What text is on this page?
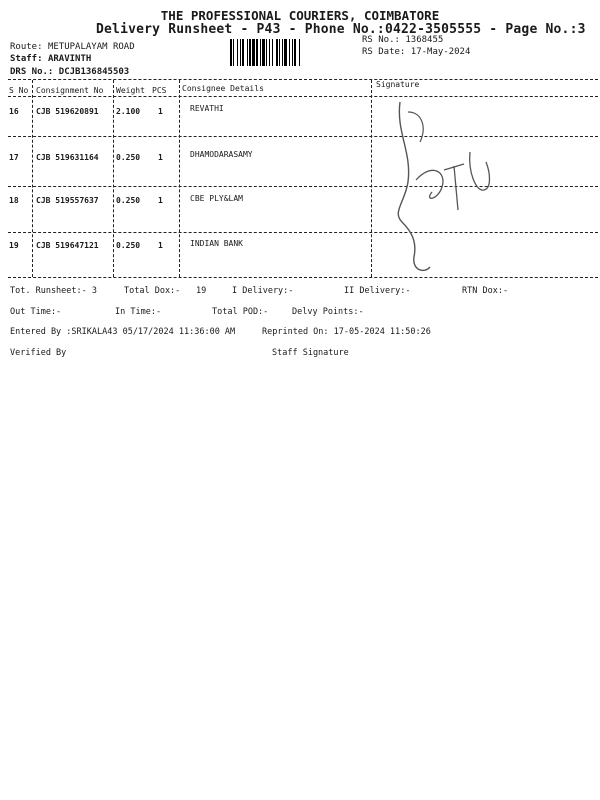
THE PROFESSIONAL COURIERS, COIMBATORE
Delivery Runsheet - P43 - Phone No.:0422-3505555 - Page No.:3
Route: METUPALAYAM ROAD
Staff: ARAVINTH
DRS No.: DCJB136845503
RS No.: 1368455
RS Date: 17-May-2024
S No Consignment No Weight PCS Consignee Details	Signature
16 CJB 519620891 2.100 1	REVATHI
17 CJB 519631164 0.250 1	DHAMODARASAMY
18 CJB 519557637 0.250 1	CBE PLY&LAM
19 CJB 519647121 0.250 1	INDIAN BANK
Tot. Runsheet:- 3	Total Dox:- 19	I Delivery:-	II Delivery:-	RTN Dox:-
Out Time:-	In Time:-	Total POD:-	Delvy Points:-
Entered By :SRIKALA43 05/17/2024 11:36:00 AM	Reprinted On: 17-05-2024 11:50:26
Verified By	Staff Signature
